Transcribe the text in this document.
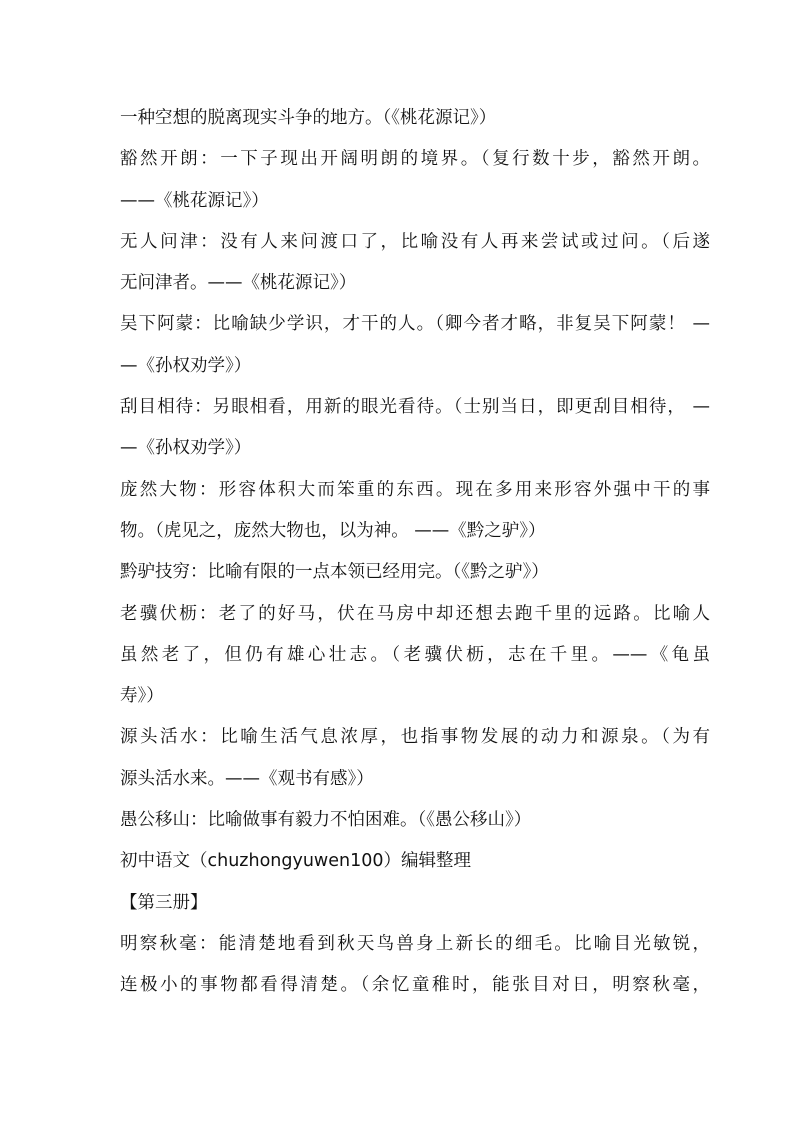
一种空想的脱离现实斗争的地方。（《桃花源记》）
豁然开朗：一下子现出开阔明朗的境界。（复行数十步，豁然开朗。
——《桃花源记》）
无人问津：没有人来问渡口了，比喻没有人再来尝试或过问。（后遂
无问津者。——《桃花源记》）
吴下阿蒙：比喻缺少学识，才干的人。（卿今者才略，非复吴下阿蒙！ —
—《孙权劝学》）
刮目相待：另眼相看，用新的眼光看待。（士别当日，即更刮目相待， —
—《孙权劝学》）
庞然大物：形容体积大而笨重的东西。现在多用来形容外强中干的事
物。（虎见之，庞然大物也，以为神。 ——《黔之驴》）
黔驴技穷：比喻有限的一点本领已经用完。（《黔之驴》）
老骥伏枥：老了的好马，伏在马房中却还想去跑千里的远路。比喻人
虽然老了，但仍有雄心壮志。（老骥伏枥，志在千里。——《龟虽
寿》）
源头活水：比喻生活气息浓厚，也指事物发展的动力和源泉。（为有
源头活水来。——《观书有感》）
愚公移山：比喻做事有毅力不怕困难。（《愚公移山》）
初中语文（chuzhongyuwen100）编辑整理
【第三册】
明察秋毫：能清楚地看到秋天鸟兽身上新长的细毛。比喻目光敏锐，
连极小的事物都看得清楚。（余忆童稚时，能张目对日，明察秋毫，
